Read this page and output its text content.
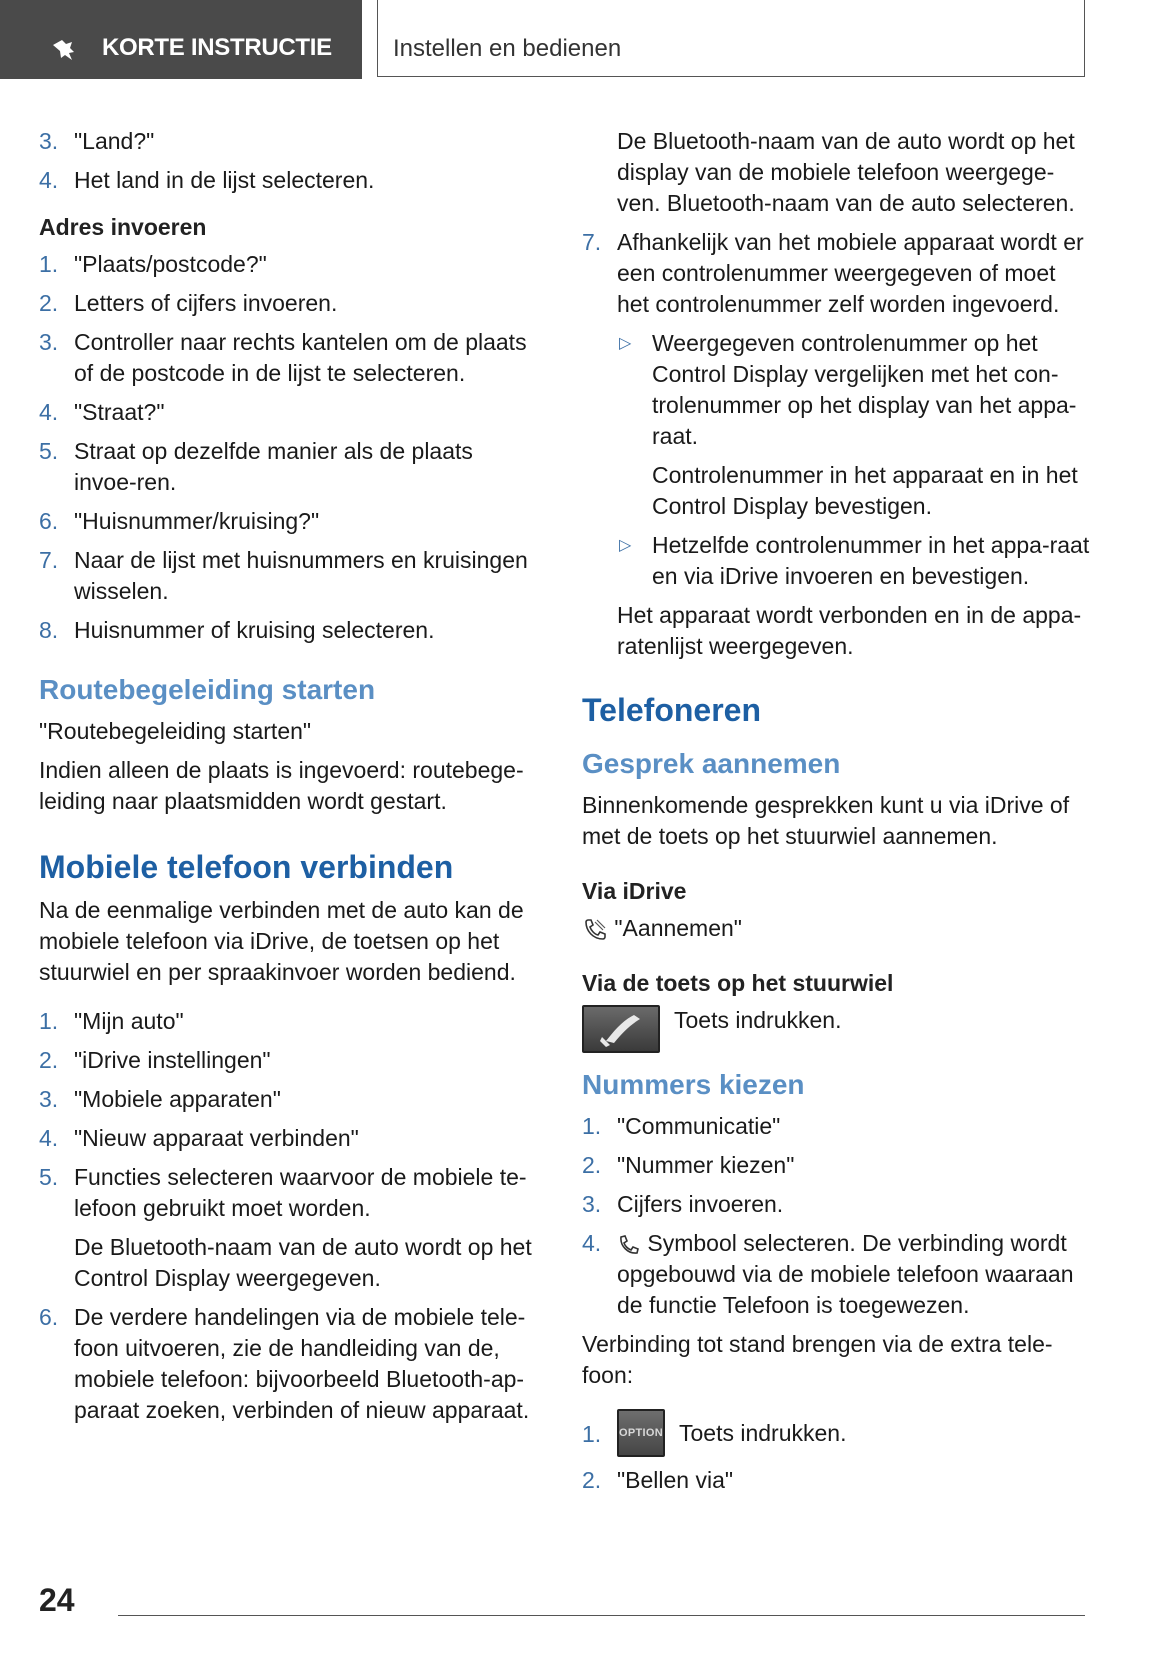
KORTE INSTRUCTIE	Instellen en bedienen
3. "Land?"
4. Het land in de lijst selecteren.
Adres invoeren
1. "Plaats/postcode?"
2. Letters of cijfers invoeren.
3. Controller naar rechts kantelen om de plaats of de postcode in de lijst te selecteren.
4. "Straat?"
5. Straat op dezelfde manier als de plaats invoe-ren.
6. "Huisnummer/kruising?"
7. Naar de lijst met huisnummers en kruisingen wisselen.
8. Huisnummer of kruising selecteren.
Routebegeleiding starten

"Routebegeleiding starten"

Indien alleen de plaats is ingevoerd: routebege-leiding naar plaatsmidden wordt gestart.

Mobiele telefoon verbinden

Na de eenmalige verbinden met de auto kan de mobiele telefoon via iDrive, de toetsen op het stuurwiel en per spraakinvoer worden bediend.

1. "Mijn auto"
2. "iDrive instellingen"
3. "Mobiele apparaten"
4. "Nieuw apparaat verbinden"
5. Functies selecteren waarvoor de mobiele te-lefoon gebruikt moet worden.

De Bluetooth-naam van de auto wordt op het Control Display weergegeven.

6. De verdere handelingen via de mobiele tele-foon uitvoeren, zie de handleiding van de, mobiele telefoon: bijvoorbeeld Bluetooth-ap-paraat zoeken, verbinden of nieuw apparaat.

De Bluetooth-naam van de auto wordt op het display van de mobiele telefoon weergege-ven. Bluetooth-naam van de auto selecteren.

7. Afhankelijk van het mobiele apparaat wordt er een controlenummer weergegeven of moet het controlenummer zelf worden ingevoerd.
▷ Weergegeven controlenummer op het Control Display vergelijken met het con-trolenummer op het display van het appa-raat.

Controlenummer in het apparaat en in het Control Display bevestigen.

▷ Hetzelfde controlenummer in het appa-raat en via iDrive invoeren en bevestigen.

Het apparaat wordt verbonden en in de appa-ratenlijst weergegeven.

Telefoneren
Gesprek aannemen

Binnenkomende gesprekken kunt u via iDrive of met de toets op het stuurwiel aannemen.

Via iDrive
"Aannemen"
Via de toets op het stuurwiel
Toets indrukken.
Nummers kiezen
1. "Communicatie"
2. "Nummer kiezen"
3. Cijfers invoeren.
4. Symbool selecteren. De verbinding wordt opgebouwd via de mobiele telefoon waaraan de functie Telefoon is toegewezen.

Verbinding tot stand brengen via de extra tele-foon:

1. OPTION Toets indrukken.
2. "Bellen via"
24
